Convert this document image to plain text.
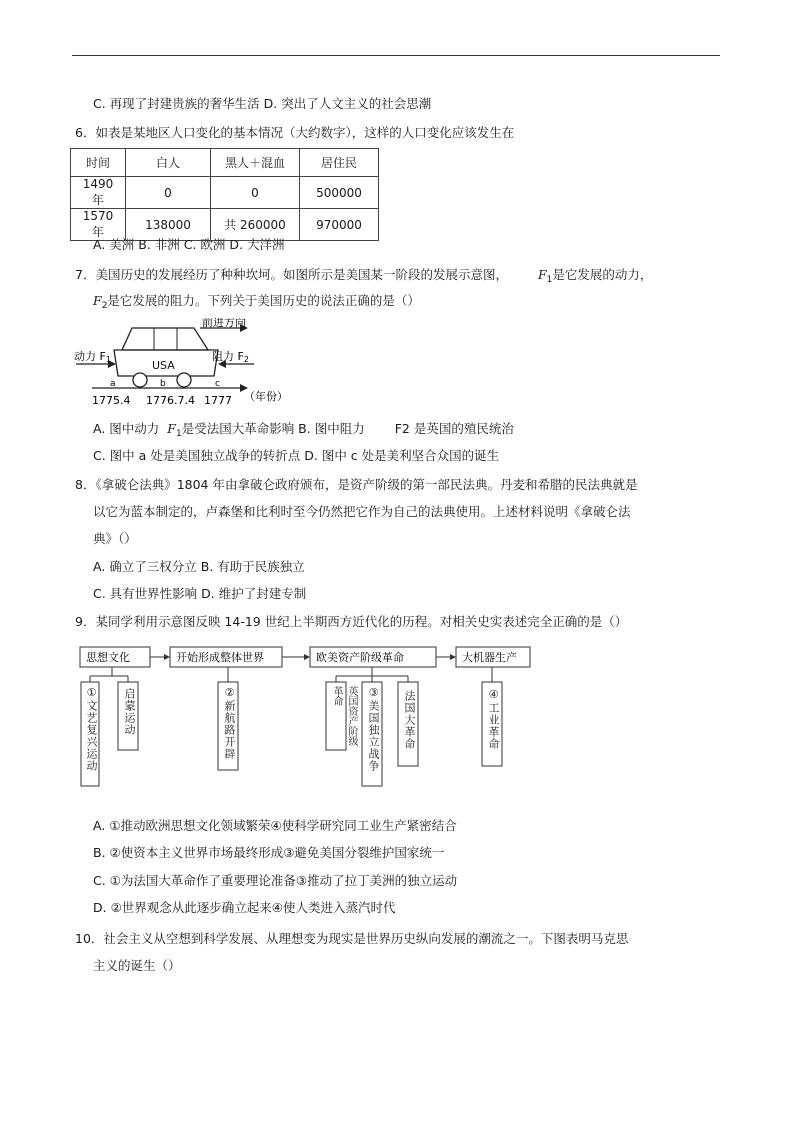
C. 再现了封建贵族的奢华生活 D. 突出了人文主义的社会思潮
6．如表是某地区人口变化的基本情况（大约数字），这样的人口变化应该发生在
时间	白人	黑人＋混血	居住民
1490 年	0	0	500000
1570 年	138000	共 260000	970000
A. 美洲 B. 非洲 C. 欧洲 D. 大洋洲
7．美国历史的发展经历了种种坎坷。如图所示是美国某一阶段的发展示意图， $F_1$是它发展的动力，
$F_2$是它发展的阻力。下列关于美国历史的说法正确的是（）
USA
前进方向
动力 F1	阻力 F2
a	b	c
1775.4 1776.7.4 1777 （年份）
A. 图中动力 $F_1$是受法国大革命影响 B. 图中阻力 F2 是英国的殖民统治
C. 图中 a 处是美国独立战争的转折点 D. 图中 c 处是美利坚合众国的诞生
8．《拿破仑法典》1804 年由拿破仑政府颁布，是资产阶级的第一部民法典。丹麦和希腊的民法典就是
以它为蓝本制定的，卢森堡和比利时至今仍然把它作为自己的法典使用。上述材料说明《拿破仑法
典》（）
A. 确立了三权分立 B. 有助于民族独立
C. 具有世界性影响 D. 维护了封建专制
9．某同学利用示意图反映 14-19 世纪上半期西方近代化的历程。对相关史实表述完全正确的是（）
思想文化	开始形成整体世界	欧美资产阶级革命	大机器生产
①文艺复兴运动 启蒙运动	②新航路开辟	英国资产阶级革命	③美国独立战争 法国大革命	④工业革命
A. ①推动欧洲思想文化领域繁荣④使科学研究同工业生产紧密结合
B. ②使资本主义世界市场最终形成③避免美国分裂维护国家统一
C. ①为法国大革命作了重要理论准备③推动了拉丁美洲的独立运动
D. ②世界观念从此逐步确立起来④使人类进入蒸汽时代
10．社会主义从空想到科学发展、从理想变为现实是世界历史纵向发展的潮流之一。下图表明马克思
主义的诞生（）
